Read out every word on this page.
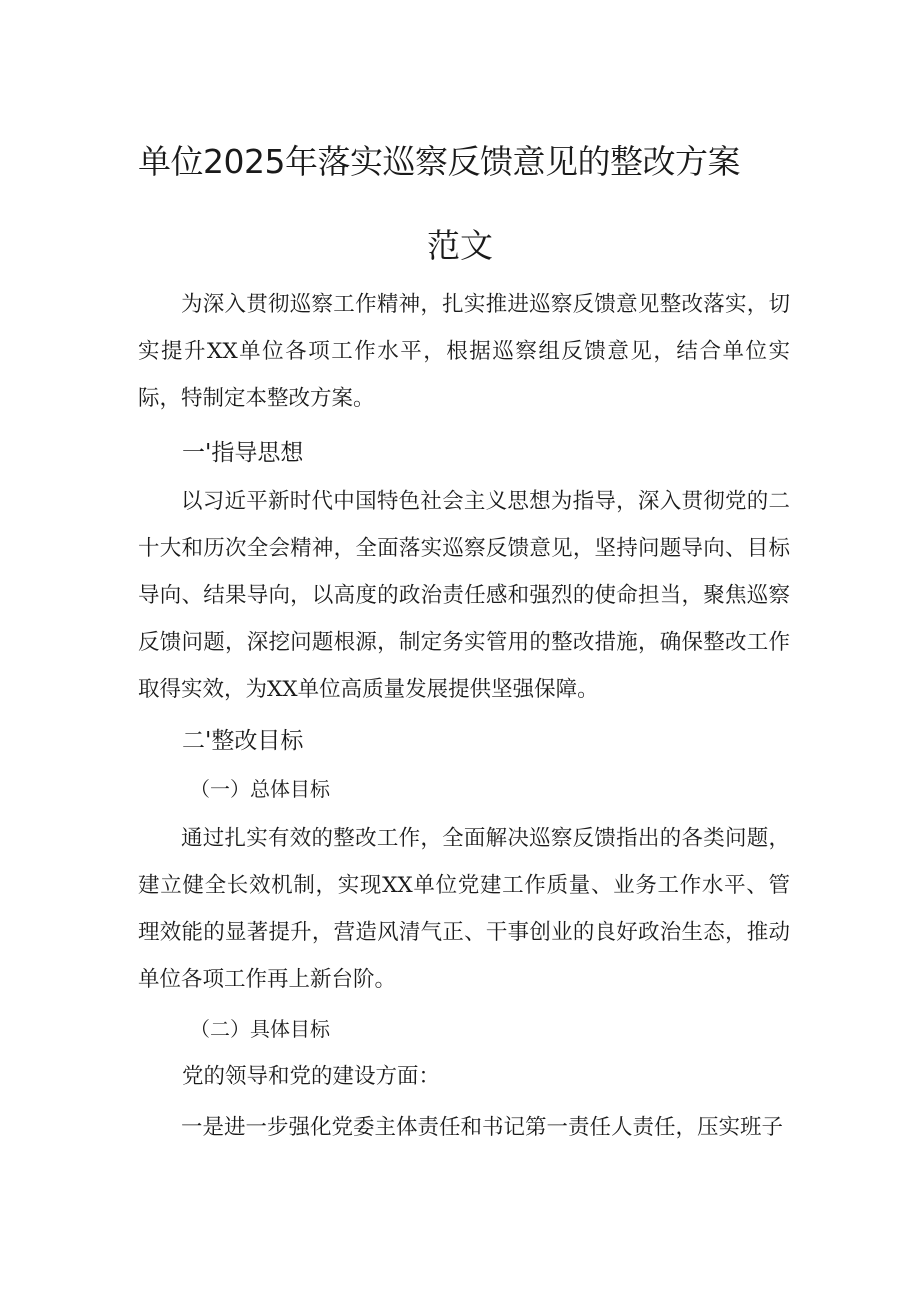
单位2025年落实巡察反馈意见的整改方案
范文

为深入贯彻巡察工作精神，扎实推进巡察反馈意见整改落实，切实提升XX单位各项工作水平，根据巡察组反馈意见，结合单位实际，特制定本整改方案。

一'指导思想

以习近平新时代中国特色社会主义思想为指导，深入贯彻党的二十大和历次全会精神，全面落实巡察反馈意见，坚持问题导向、目标导向、结果导向，以高度的政治责任感和强烈的使命担当，聚焦巡察反馈问题，深挖问题根源，制定务实管用的整改措施，确保整改工作取得实效，为XX单位高质量发展提供坚强保障。

二'整改目标
（一）总体目标

通过扎实有效的整改工作，全面解决巡察反馈指出的各类问题，建立健全长效机制，实现XX单位党建工作质量、业务工作水平、管理效能的显著提升，营造风清气正、干事创业的良好政治生态，推动单位各项工作再上新台阶。

（二）具体目标
党的领导和党的建设方面：

一是进一步强化党委主体责任和书记第一责任人责任，压实班子
